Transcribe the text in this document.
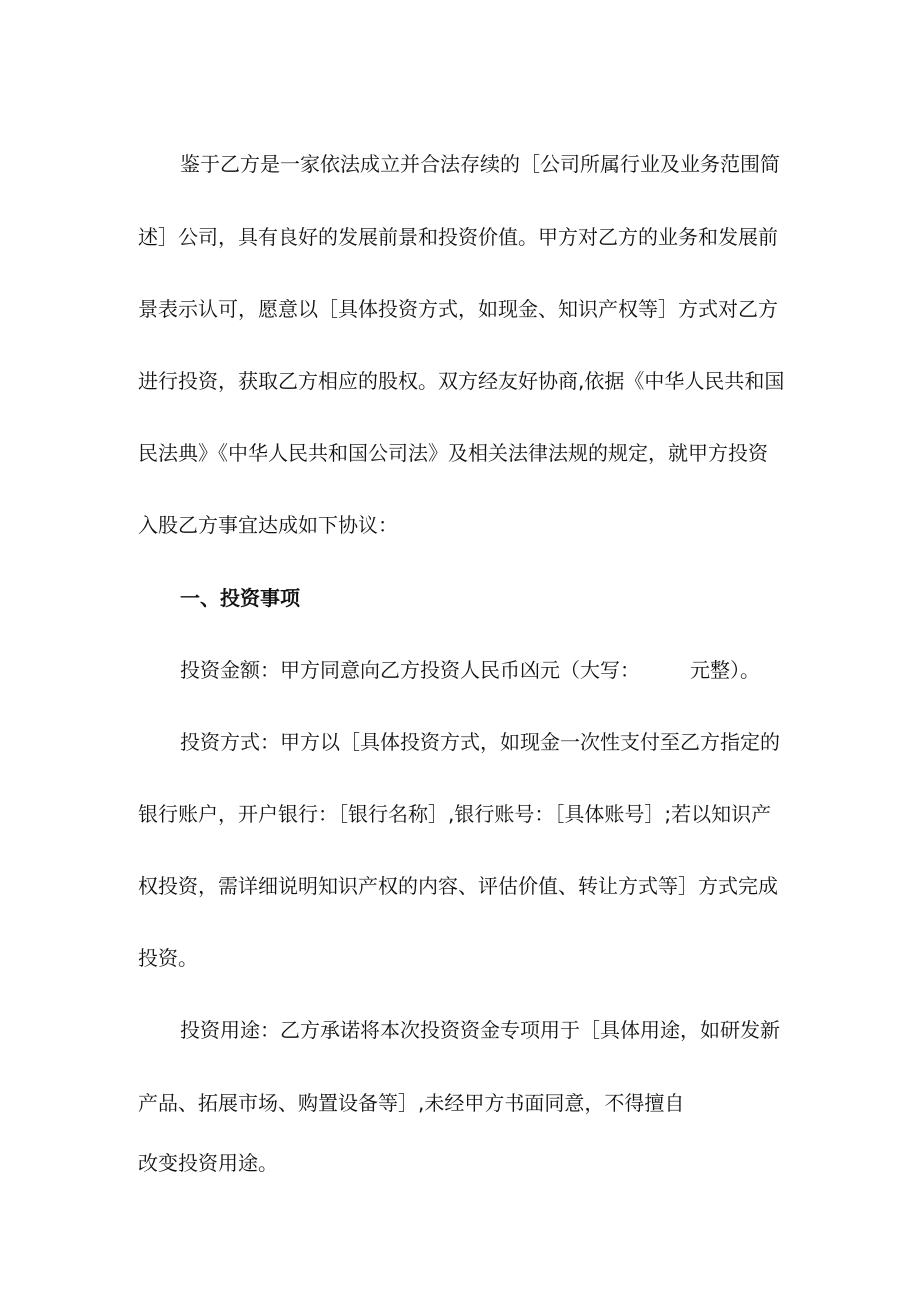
鉴于乙方是一家依法成立并合法存续的［公司所属行业及业务范围简
述］公司，具有良好的发展前景和投资价值。甲方对乙方的业务和发展前
景表示认可，愿意以［具体投资方式，如现金、知识产权等］方式对乙方
进行投资，获取乙方相应的股权。双方经友好协商,依据《中华人民共和国
民法典》《中华人民共和国公司法》及相关法律法规的规定，就甲方投资
入股乙方事宜达成如下协议：
一、投资事项
投资金额：甲方同意向乙方投资人民币凶元（大写：　　　元整）。
投资方式：甲方以［具体投资方式，如现金一次性支付至乙方指定的
银行账户，开户银行：［银行名称］,银行账号：［具体账号］;若以知识产
权投资，需详细说明知识产权的内容、评估价值、转让方式等］方式完成
投资。
投资用途：乙方承诺将本次投资资金专项用于［具体用途，如研发新
产品、拓展市场、购置设备等］,未经甲方书面同意，不得擅自
改变投资用途。
